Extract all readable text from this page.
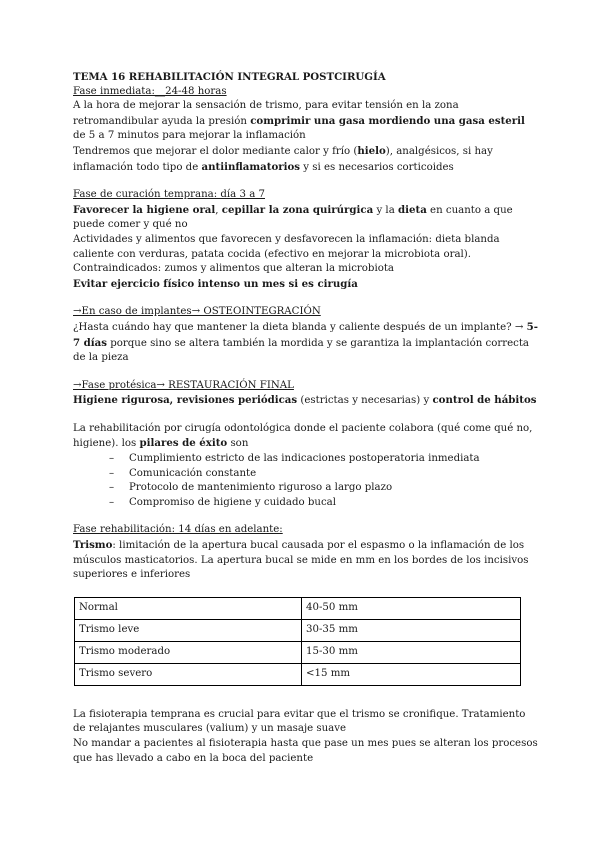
TEMA 16 REHABILITACIÓN INTEGRAL POSTCIRUGÍA

Fase inmediata:__24-48 horas

A la hora de mejorar la sensación de trismo, para evitar tensión en la zona retromandibular ayuda la presión comprimir una gasa mordiendo una gasa esteril de 5 a 7 minutos para mejorar la inflamación

Tendremos que mejorar el dolor mediante calor y frío (hielo), analgésicos, si hay inflamación todo tipo de antiinflamatorios y si es necesarios corticoides

Fase de curación temprana: día 3 a 7

Favorecer la higiene oral, cepillar la zona quirúrgica y la dieta en cuanto a que puede comer y qué no

Actividades y alimentos que favorecen y desfavorecen la inflamación: dieta blanda caliente con verduras, patata cocida (efectivo en mejorar la microbiota oral). Contraindicados: zumos y alimentos que alteran la microbiota

Evitar ejercicio físico intenso un mes si es cirugía

→En caso de implantes→ OSTEOINTEGRACIÓN

¿Hasta cuándo hay que mantener la dieta blanda y caliente después de un implante? → 5-7 días porque sino se altera también la mordida y se garantiza la implantación correcta de la pieza

→Fase protésica→ RESTAURACIÓN FINAL

Higiene rigurosa, revisiones periódicas (estrictas y necesarias) y control de hábitos

La rehabilitación por cirugía odontológica donde el paciente colabora (qué come qué no, higiene). los pilares de éxito son

– Cumplimiento estricto de las indicaciones postoperatoria inmediata
– Comunicación constante
– Protocolo de mantenimiento riguroso a largo plazo
– Compromiso de higiene y cuidado bucal

Fase rehabilitación: 14 días en adelante:

Trismo: limitación de la apertura bucal causada por el espasmo o la inflamación de los músculos masticatorios. La apertura bucal se mide en mm en los bordes de los incisivos superiores e inferiores

Normal	40-50 mm
Trismo leve	30-35 mm
Trismo moderado	15-30 mm
Trismo severo	<15 mm

La fisioterapia temprana es crucial para evitar que el trismo se cronifique. Tratamiento de relajantes musculares (valium) y un masaje suave

No mandar a pacientes al fisioterapia hasta que pase un mes pues se alteran los procesos que has llevado a cabo en la boca del paciente
